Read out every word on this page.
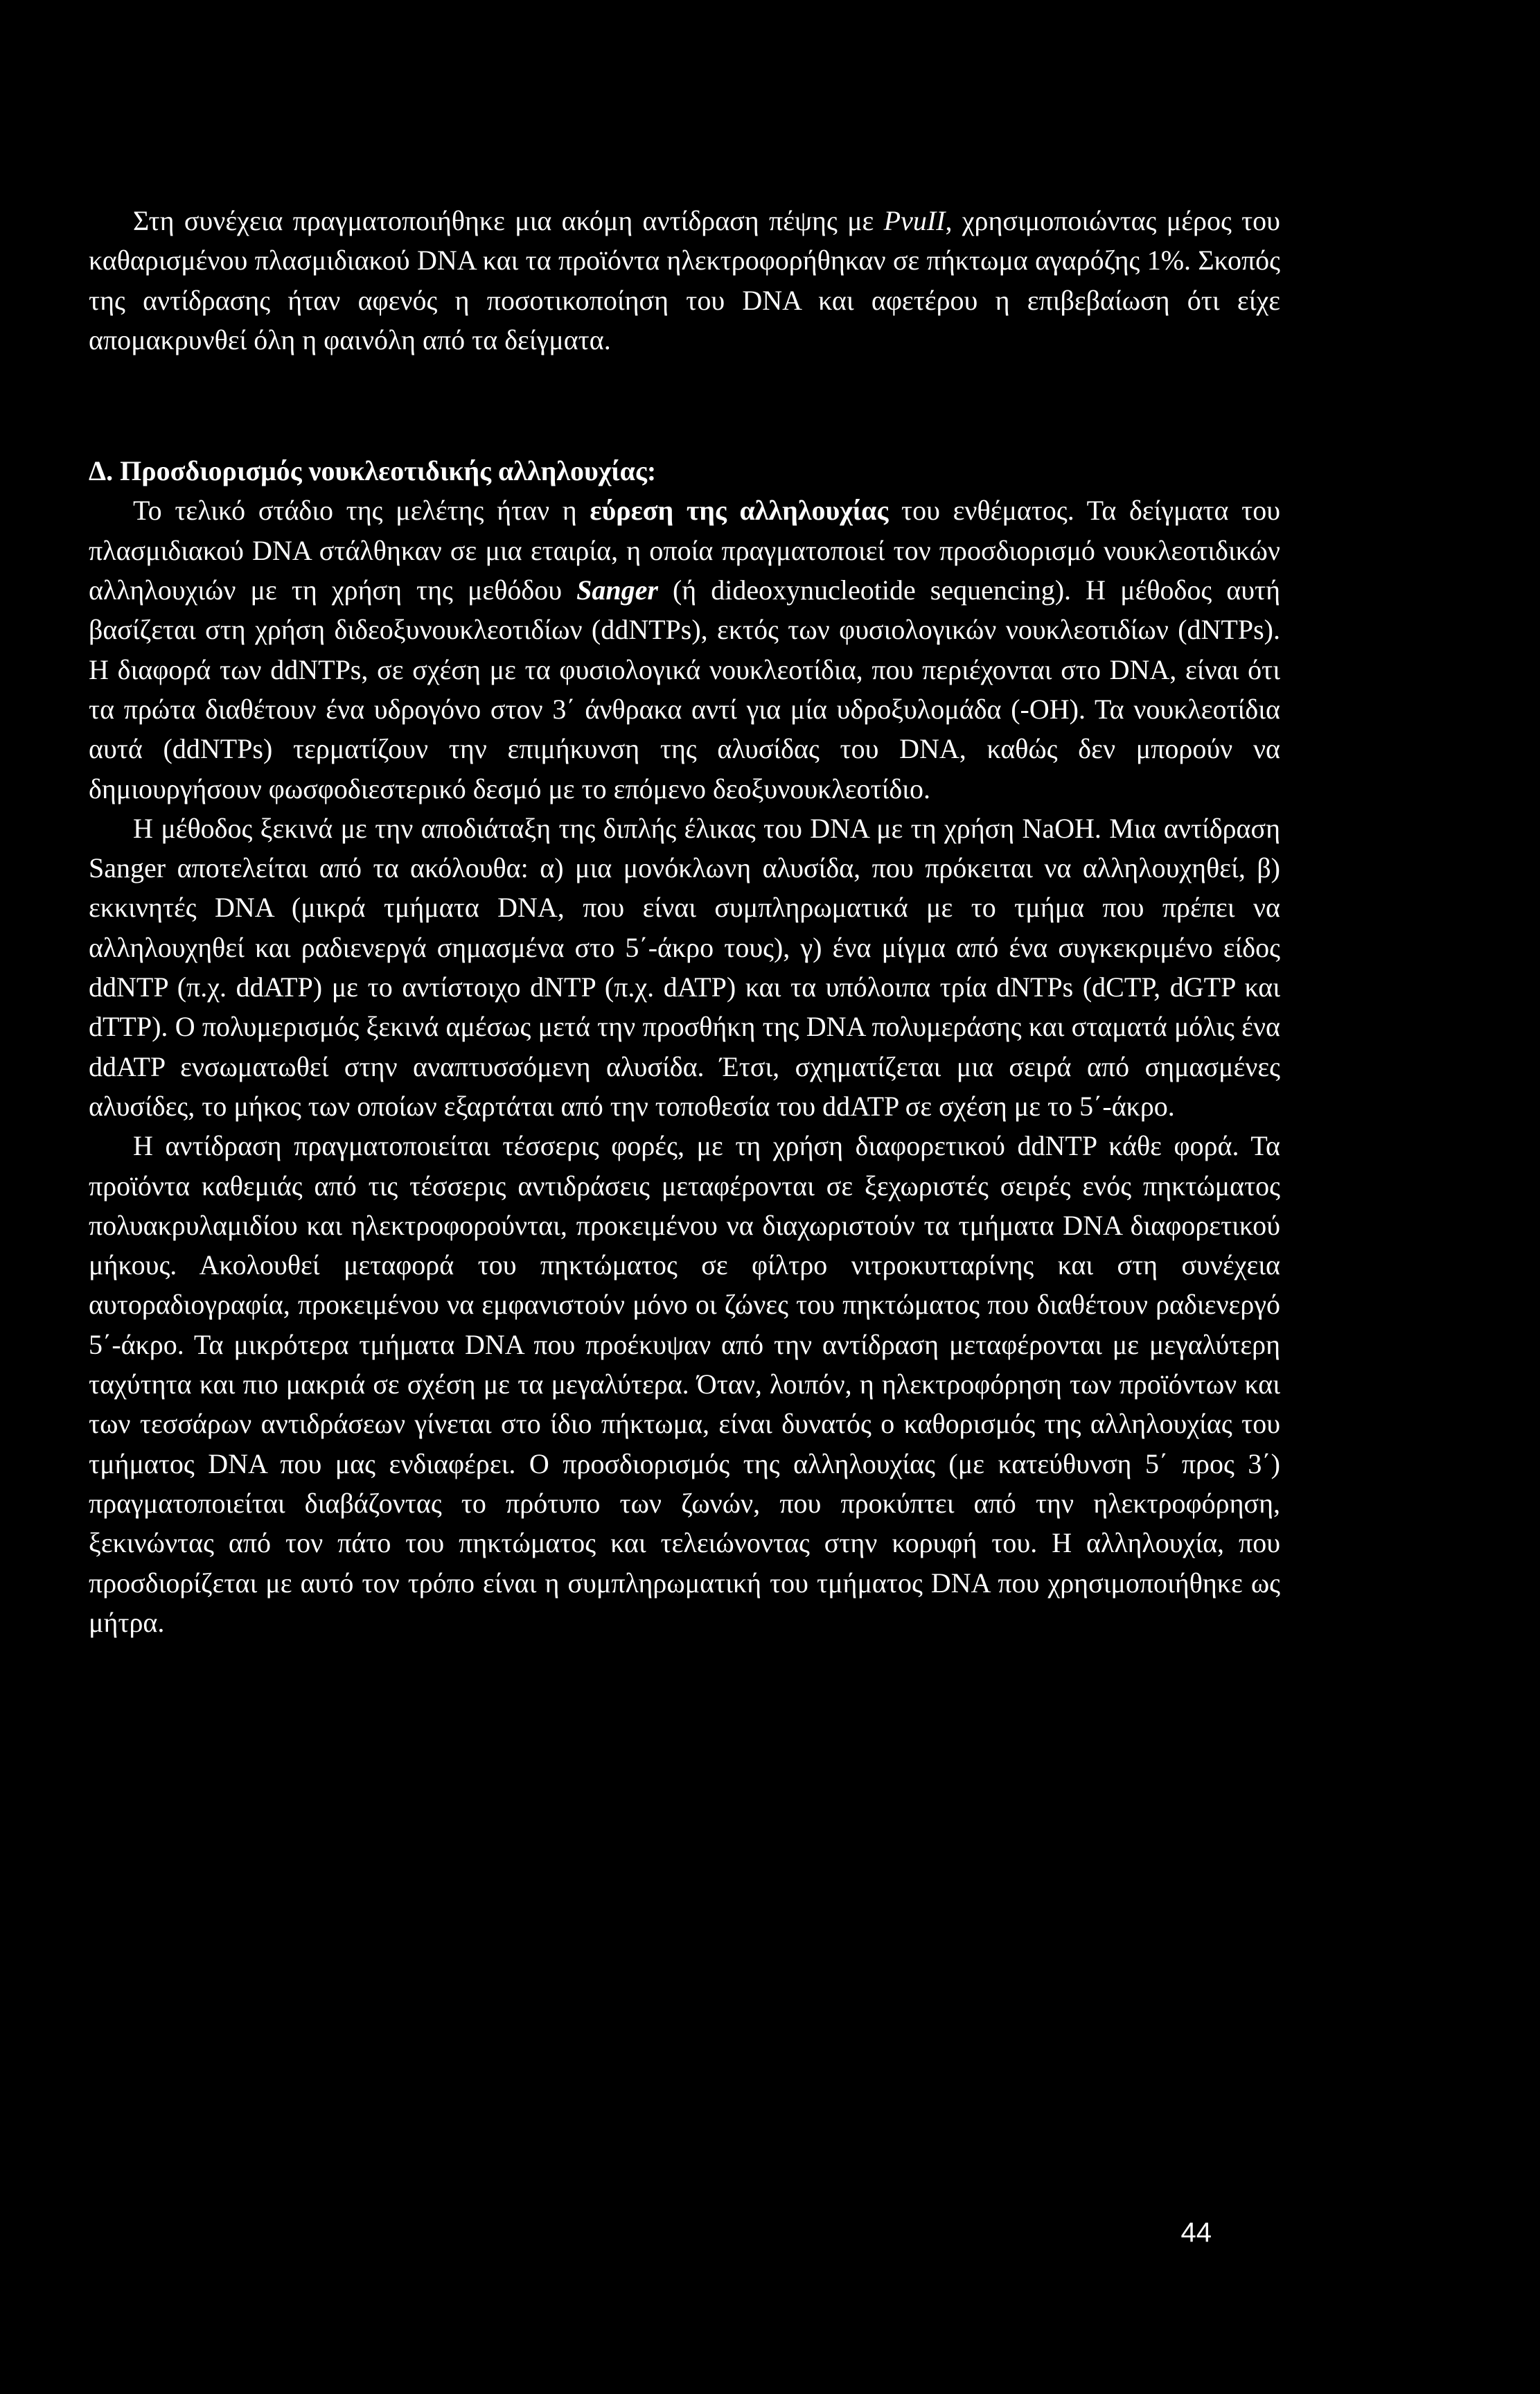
Στη συνέχεια πραγματοποιήθηκε μια ακόμη αντίδραση πέψης με PvuII, χρησιμοποιώντας μέρος του καθαρισμένου πλασμιδιακού DNA και τα προϊόντα ηλεκτροφορήθηκαν σε πήκτωμα αγαρόζης 1%. Σκοπός της αντίδρασης ήταν αφενός η ποσοτικοποίηση του DNA και αφετέρου η επιβεβαίωση ότι είχε απομακρυνθεί όλη η φαινόλη από τα δείγματα.

Δ. Προσδιορισμός νουκλεοτιδικής αλληλουχίας:

Το τελικό στάδιο της μελέτης ήταν η εύρεση της αλληλουχίας του ενθέματος. Τα δείγματα του πλασμιδιακού DNA στάλθηκαν σε μια εταιρία, η οποία πραγματοποιεί τον προσδιορισμό νουκλεοτιδικών αλληλουχιών με τη χρήση της μεθόδου Sanger (ή dideoxynucleotide sequencing). Η μέθοδος αυτή βασίζεται στη χρήση διδεοξυνουκλεοτιδίων (ddNTPs), εκτός των φυσιολογικών νουκλεοτιδίων (dNTPs). Η διαφορά των ddNTPs, σε σχέση με τα φυσιολογικά νουκλεοτίδια, που περιέχονται στο DNA, είναι ότι τα πρώτα διαθέτουν ένα υδρογόνο στον 3΄ άνθρακα αντί για μία υδροξυλομάδα (-OH). Τα νουκλεοτίδια αυτά (ddNTPs) τερματίζουν την επιμήκυνση της αλυσίδας του DNA, καθώς δεν μπορούν να δημιουργήσουν φωσφοδιεστερικό δεσμό με το επόμενο δεοξυνουκλεοτίδιο.

Η μέθοδος ξεκινά με την αποδιάταξη της διπλής έλικας του DNA με τη χρήση NaOH. Μια αντίδραση Sanger αποτελείται από τα ακόλουθα: α) μια μονόκλωνη αλυσίδα, που πρόκειται να αλληλουχηθεί, β) εκκινητές DNA (μικρά τμήματα DNA, που είναι συμπληρωματικά με το τμήμα που πρέπει να αλληλουχηθεί και ραδιενεργά σημασμένα στο 5΄-άκρο τους), γ) ένα μίγμα από ένα συγκεκριμένο είδος ddNTP (π.χ. ddATP) με το αντίστοιχο dNTP (π.χ. dATP) και τα υπόλοιπα τρία dNTPs (dCTP, dGTP και dTTP). Ο πολυμερισμός ξεκινά αμέσως μετά την προσθήκη της DNA πολυμεράσης και σταματά μόλις ένα ddATP ενσωματωθεί στην αναπτυσσόμενη αλυσίδα. Έτσι, σχηματίζεται μια σειρά από σημασμένες αλυσίδες, το μήκος των οποίων εξαρτάται από την τοποθεσία του ddATP σε σχέση με το 5΄-άκρο.

Η αντίδραση πραγματοποιείται τέσσερις φορές, με τη χρήση διαφορετικού ddNTP κάθε φορά. Τα προϊόντα καθεμιάς από τις τέσσερις αντιδράσεις μεταφέρονται σε ξεχωριστές σειρές ενός πηκτώματος πολυακρυλαμιδίου και ηλεκτροφορούνται, προκειμένου να διαχωριστούν τα τμήματα DNA διαφορετικού μήκους. Ακολουθεί μεταφορά του πηκτώματος σε φίλτρο νιτροκυτταρίνης και στη συνέχεια αυτοραδιογραφία, προκειμένου να εμφανιστούν μόνο οι ζώνες του πηκτώματος που διαθέτουν ραδιενεργό 5΄-άκρο. Τα μικρότερα τμήματα DNA που προέκυψαν από την αντίδραση μεταφέρονται με μεγαλύτερη ταχύτητα και πιο μακριά σε σχέση με τα μεγαλύτερα. Όταν, λοιπόν, η ηλεκτροφόρηση των προϊόντων και των τεσσάρων αντιδράσεων γίνεται στο ίδιο πήκτωμα, είναι δυνατός ο καθορισμός της αλληλουχίας του τμήματος DNA που μας ενδιαφέρει. Ο προσδιορισμός της αλληλουχίας (με κατεύθυνση 5΄ προς 3΄) πραγματοποιείται διαβάζοντας το πρότυπο των ζωνών, που προκύπτει από την ηλεκτροφόρηση, ξεκινώντας από τον πάτο του πηκτώματος και τελειώνοντας στην κορυφή του. Η αλληλουχία, που προσδιορίζεται με αυτό τον τρόπο είναι η συμπληρωματική του τμήματος DNA που χρησιμοποιήθηκε ως μήτρα.

44
